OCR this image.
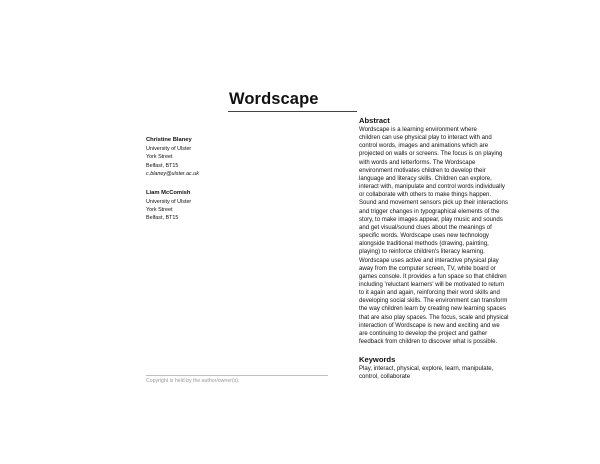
Wordscape
Christine Blaney
University of Ulster
York Street
Belfast, BT15
c.blaney@ulster.ac.uk
Liam McComish
University of Ulster
York Street
Belfast, BT15
Copyright is held by the author/owner(s).
Abstract
Wordscape is a learning environment where
children can use physical play to interact with and
control words, images and animations which are
projected on walls or screens. The focus is on playing
with words and letterforms. The Wordscape
environment motivates children to develop their
language and literacy skills. Children can explore,
interact with, manipulate and control words individually
or collaborate with others to make things happen.
Sound and movement sensors pick up their interactions
and trigger changes in typographical elements of the
story, to make images appear, play music and sounds
and get visual/sound clues about the meanings of
specific words. Wordscape uses new technology
alongside traditional methods (drawing, painting,
playing) to reinforce children's literacy learning.
Wordscape uses active and interactive physical play
away from the computer screen, TV, white board or
games console. It provides a fun space so that children
including 'reluctant learners' will be motivated to return
to it again and again, reinforcing their word skills and
developing social skills. The environment can transform
the way children learn by creating new learning spaces
that are also play spaces. The focus, scale and physical
interaction of Wordscape is new and exciting and we
are continuing to develop the project and gather
feedback from children to discover what is possible.
Keywords
Play, interact, physical, explore, learn, manipulate,
control, collaborate
